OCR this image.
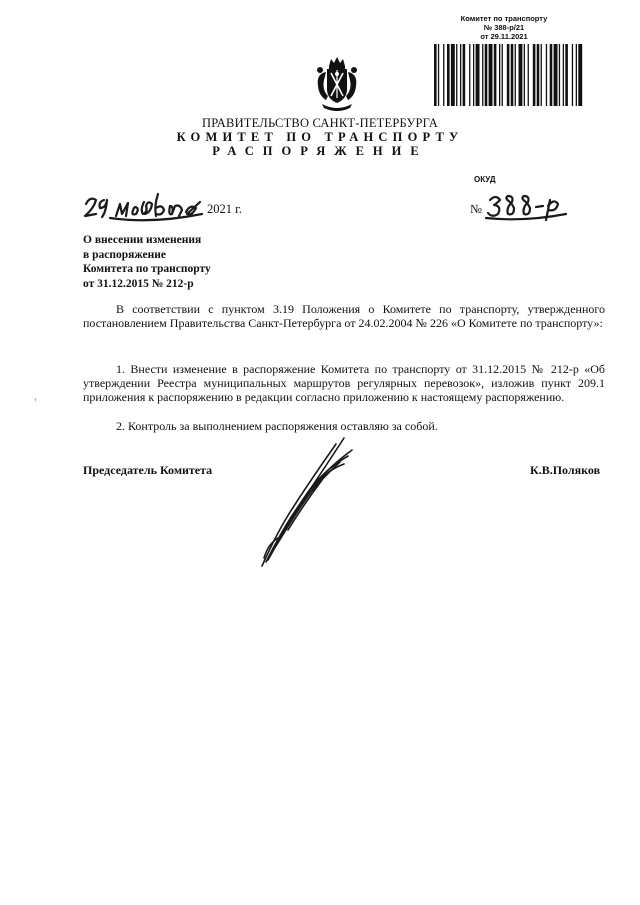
Комитет по транспорту
№ 388-р/21
от 29.11.2021
ПРАВИТЕЛЬСТВО САНКТ-ПЕТЕРБУРГА
КОМИТЕТ ПО ТРАНСПОРТУ
РАСПОРЯЖЕНИЕ
ОКУД
2021 г.	№
О внесении изменения
в распоряжение
Комитета по транспорту
от 31.12.2015 № 212-р
В соответствии с пунктом 3.19 Положения о Комитете по транспорту, утвержденного постановлением Правительства Санкт-Петербурга от 24.02.2004 № 226 «О Комитете по транспорту»:
1. Внести изменение в распоряжение Комитета по транспорту от 31.12.2015 № 212-р «Об утверждении Реестра муниципальных маршрутов регулярных перевозок», изложив пункт 209.1 приложения к распоряжению в редакции согласно приложению к настоящему распоряжению.
2. Контроль за выполнением распоряжения оставляю за собой.
‹
Председатель Комитета	К.В.Поляков
